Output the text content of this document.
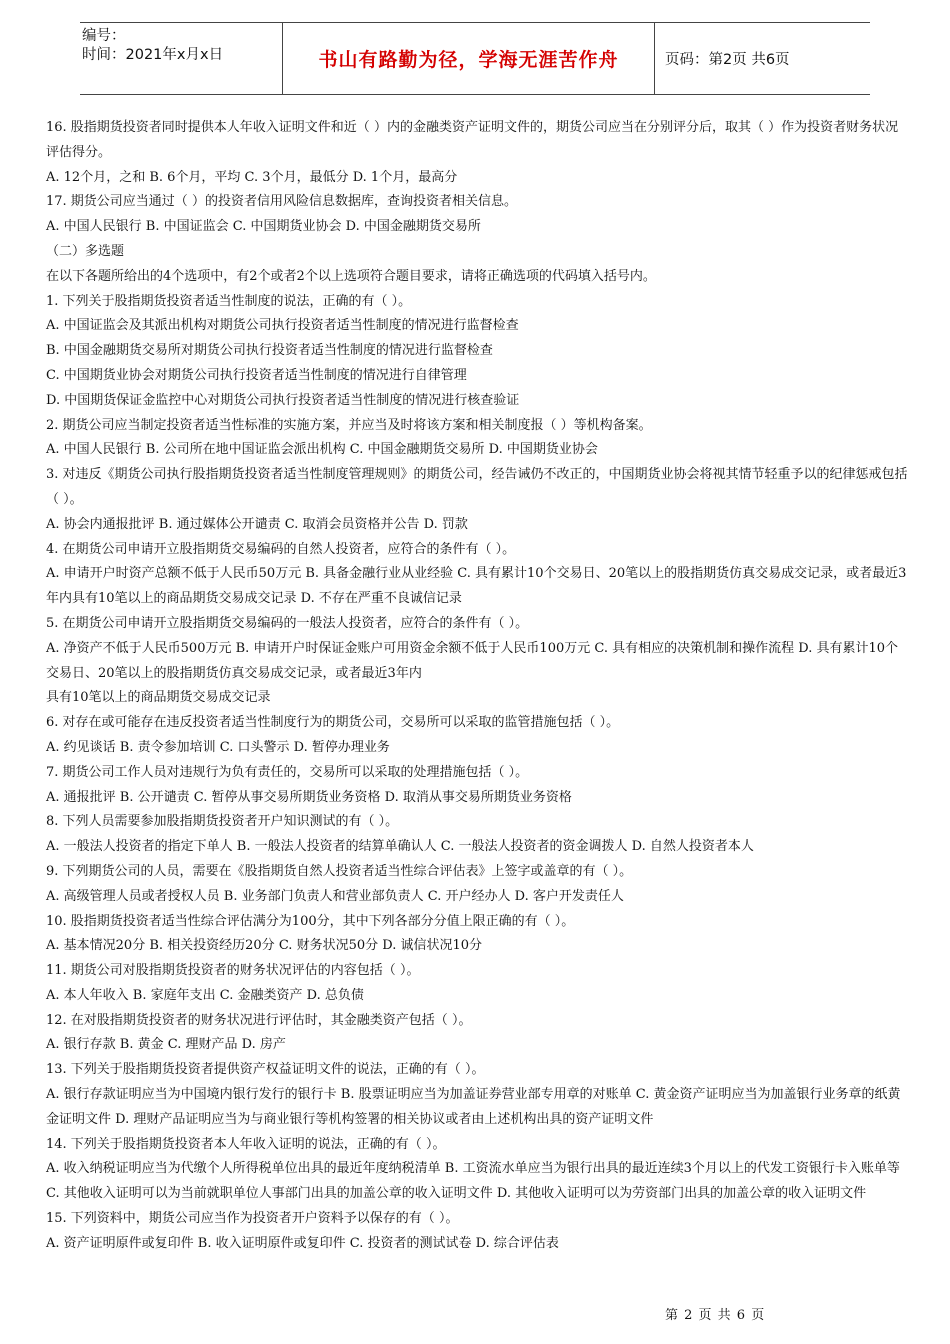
编号：
时间：2021年x月x日	书山有路勤为径，学海无涯苦作舟	页码：第2页 共6页

16. 股指期货投资者同时提供本人年收入证明文件和近（ ）内的金融类资产证明文件的，期货公司应当在分别评分后，取其（ ）作为投资者财务状况评估得分。

A. 12个月，之和 B. 6个月，平均 C. 3个月，最低分 D. 1个月，最高分

17. 期货公司应当通过（ ）的投资者信用风险信息数据库，查询投资者相关信息。

A. 中国人民银行 B. 中国证监会 C. 中国期货业协会 D. 中国金融期货交易所

（二）多选题

在以下各题所给出的4个选项中，有2个或者2个以上选项符合题目要求，请将正确选项的代码填入括号内。

1. 下列关于股指期货投资者适当性制度的说法，正确的有（ ）。

A. 中国证监会及其派出机构对期货公司执行投资者适当性制度的情况进行监督检查

B. 中国金融期货交易所对期货公司执行投资者适当性制度的情况进行监督检查

C. 中国期货业协会对期货公司执行投资者适当性制度的情况进行自律管理

D. 中国期货保证金监控中心对期货公司执行投资者适当性制度的情况进行核查验证

2. 期货公司应当制定投资者适当性标准的实施方案，并应当及时将该方案和相关制度报（ ）等机构备案。

A. 中国人民银行 B. 公司所在地中国证监会派出机构 C. 中国金融期货交易所 D. 中国期货业协会

3. 对违反《期货公司执行股指期货投资者适当性制度管理规则》的期货公司，经告诫仍不改正的，中国期货业协会将视其情节轻重予以的纪律惩戒包括（ ）。

A. 协会内通报批评 B. 通过媒体公开谴责 C. 取消会员资格并公告 D. 罚款

4. 在期货公司申请开立股指期货交易编码的自然人投资者，应符合的条件有（ ）。

A. 申请开户时资产总额不低于人民币50万元 B. 具备金融行业从业经验 C. 具有累计10个交易日、20笔以上的股指期货仿真交易成交记录，或者最近3年内具有10笔以上的商品期货交易成交记录 D. 不存在严重不良诚信记录

5. 在期货公司申请开立股指期货交易编码的一般法人投资者，应符合的条件有（ ）。

A. 净资产不低于人民币500万元 B. 申请开户时保证金账户可用资金余额不低于人民币100万元 C. 具有相应的决策机制和操作流程 D. 具有累计10个交易日、20笔以上的股指期货仿真交易成交记录，或者最近3年内

具有10笔以上的商品期货交易成交记录

6. 对存在或可能存在违反投资者适当性制度行为的期货公司，交易所可以采取的监管措施包括（ ）。

A. 约见谈话 B. 责令参加培训 C. 口头警示 D. 暂停办理业务

7. 期货公司工作人员对违规行为负有责任的，交易所可以采取的处理措施包括（ ）。

A. 通报批评 B. 公开谴责 C. 暂停从事交易所期货业务资格 D. 取消从事交易所期货业务资格

8. 下列人员需要参加股指期货投资者开户知识测试的有（ ）。

A. 一般法人投资者的指定下单人 B. 一般法人投资者的结算单确认人 C. 一般法人投资者的资金调拨人 D. 自然人投资者本人

9. 下列期货公司的人员，需要在《股指期货自然人投资者适当性综合评估表》上签字或盖章的有（ ）。

A. 高级管理人员或者授权人员 B. 业务部门负责人和营业部负责人 C. 开户经办人 D. 客户开发责任人

10. 股指期货投资者适当性综合评估满分为100分，其中下列各部分分值上限正确的有（ ）。

A. 基本情况20分 B. 相关投资经历20分 C. 财务状况50分 D. 诚信状况10分

11. 期货公司对股指期货投资者的财务状况评估的内容包括（ ）。

A. 本人年收入 B. 家庭年支出 C. 金融类资产 D. 总负债

12. 在对股指期货投资者的财务状况进行评估时，其金融类资产包括（ ）。

A. 银行存款 B. 黄金 C. 理财产品 D. 房产

13. 下列关于股指期货投资者提供资产权益证明文件的说法，正确的有（ ）。

A. 银行存款证明应当为中国境内银行发行的银行卡 B. 股票证明应当为加盖证券营业部专用章的对账单 C. 黄金资产证明应当为加盖银行业务章的纸黄金证明文件 D. 理财产品证明应当为与商业银行等机构签署的相关协议或者由上述机构出具的资产证明文件

14. 下列关于股指期货投资者本人年收入证明的说法，正确的有（ ）。

A. 收入纳税证明应当为代缴个人所得税单位出具的最近年度纳税清单 B. 工资流水单应当为银行出具的最近连续3个月以上的代发工资银行卡入账单等 C. 其他收入证明可以为当前就职单位人事部门出具的加盖公章的收入证明文件 D. 其他收入证明可以为劳资部门出具的加盖公章的收入证明文件

15. 下列资料中，期货公司应当作为投资者开户资料予以保存的有（ ）。

A. 资产证明原件或复印件 B. 收入证明原件或复印件 C. 投资者的测试试卷 D. 综合评估表

第 2 页 共 6 页
